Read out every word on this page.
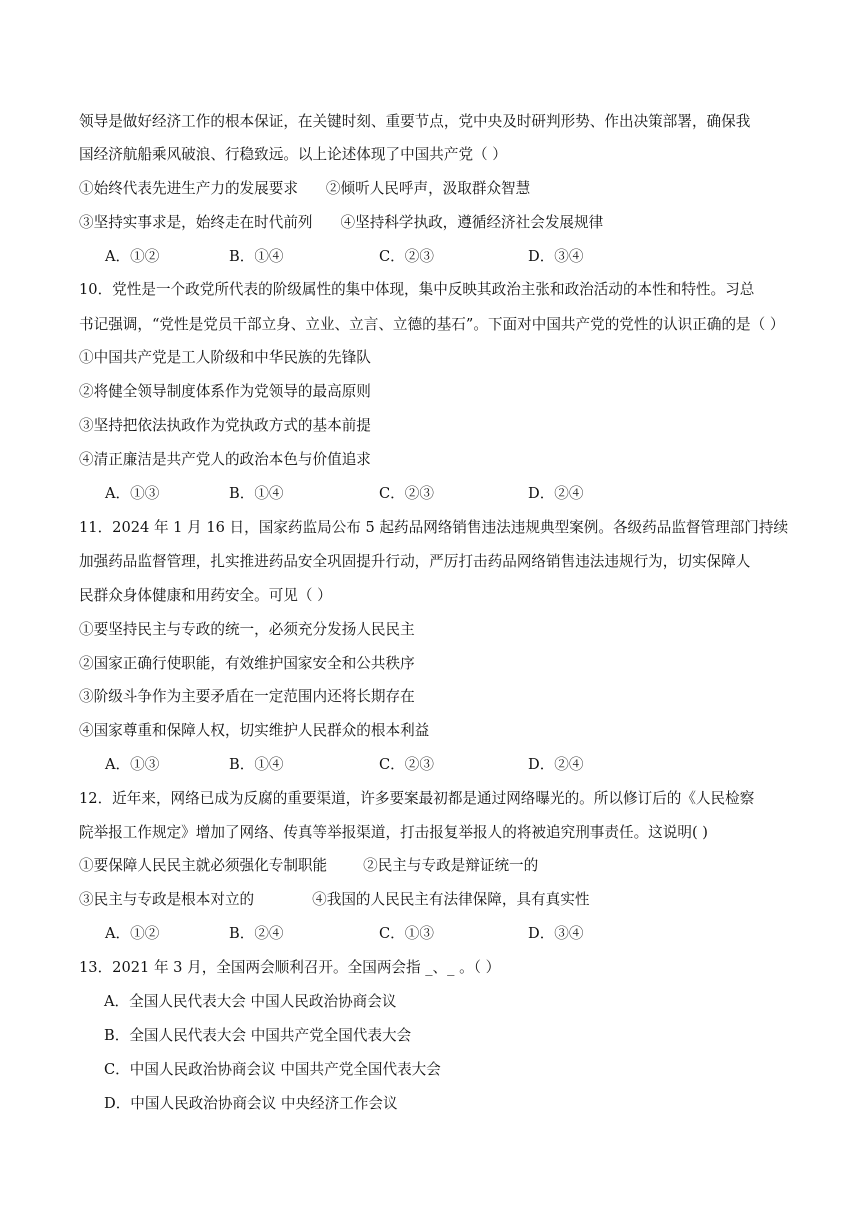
领导是做好经济工作的根本保证，在关键时刻、重要节点，党中央及时研判形势、作出决策部署，确保我
国经济航船乘风破浪、行稳致远。以上论述体现了中国共产党（ ）
①始终代表先进生产力的发展要求 ②倾听人民呼声，汲取群众智慧
③坚持实事求是，始终走在时代前列 ④坚持科学执政，遵循经济社会发展规律
A．①②	B．①④	C．②③	D．③④
10．党性是一个政党所代表的阶级属性的集中体现，集中反映其政治主张和政治活动的本性和特性。习总
书记强调，“党性是党员干部立身、立业、立言、立德的基石”。下面对中国共产党的党性的认识正确的是（ ）
①中国共产党是工人阶级和中华民族的先锋队
②将健全领导制度体系作为党领导的最高原则
③坚持把依法执政作为党执政方式的基本前提
④清正廉洁是共产党人的政治本色与价值追求
A．①③	B．①④	C．②③	D．②④
11．2024 年 1 月 16 日，国家药监局公布 5 起药品网络销售违法违规典型案例。各级药品监督管理部门持续
加强药品监督管理，扎实推进药品安全巩固提升行动，严厉打击药品网络销售违法违规行为，切实保障人
民群众身体健康和用药安全。可见（ ）
①要坚持民主与专政的统一，必须充分发扬人民民主
②国家正确行使职能，有效维护国家安全和公共秩序
③阶级斗争作为主要矛盾在一定范围内还将长期存在
④国家尊重和保障人权，切实维护人民群众的根本利益
A．①③	B．①④	C．②③	D．②④
12．近年来，网络已成为反腐的重要渠道，许多要案最初都是通过网络曝光的。所以修订后的《人民检察
院举报工作规定》增加了网络、传真等举报渠道，打击报复举报人的将被追究刑事责任。这说明( )
①要保障人民民主就必须强化专制职能 ②民主与专政是辩证统一的
③民主与专政是根本对立的	④我国的人民民主有法律保障，具有真实性
A．①②	B．②④	C．①③	D．③④
13．2021 年 3 月，全国两会顺利召开。全国两会指 _、_ 。（ ）
A．全国人民代表大会 中国人民政治协商会议
B．全国人民代表大会 中国共产党全国代表大会
C．中国人民政治协商会议 中国共产党全国代表大会
D．中国人民政治协商会议 中央经济工作会议
